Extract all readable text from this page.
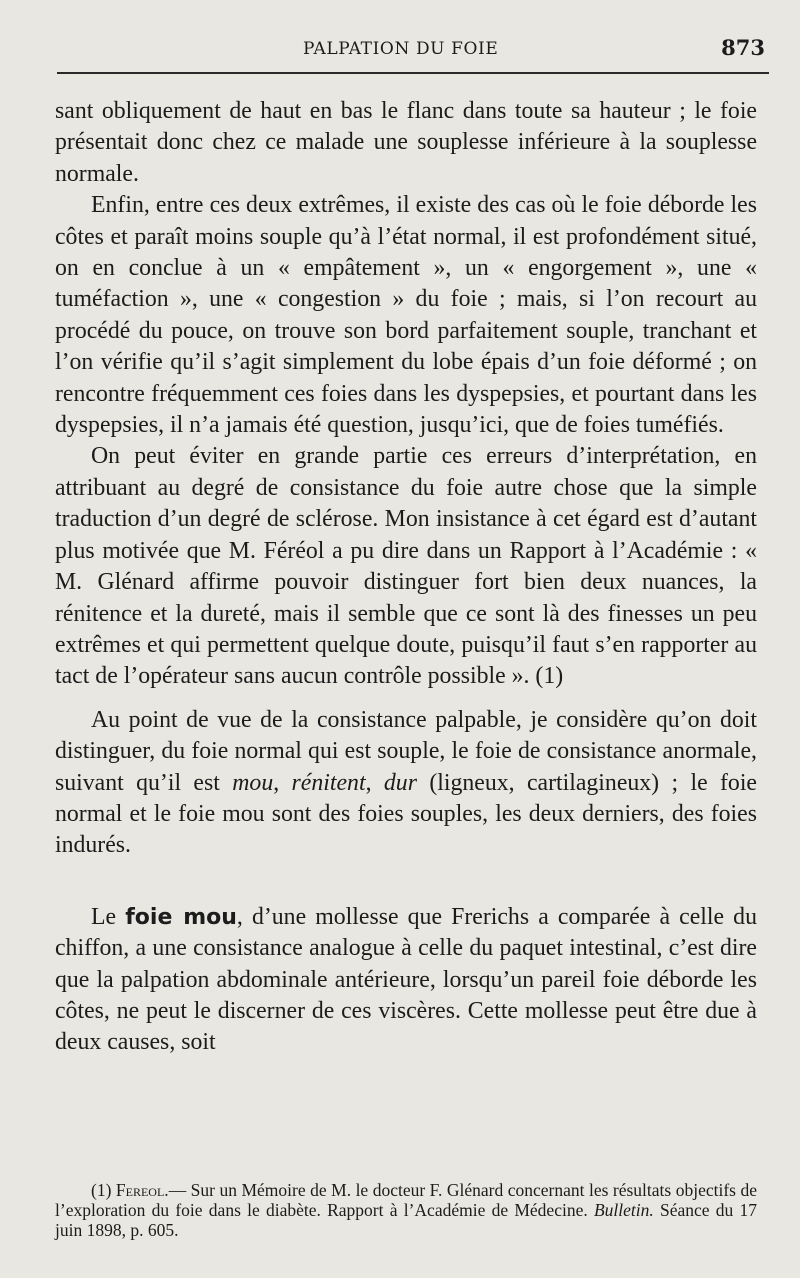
PALPATION DU FOIE	873

sant obliquement de haut en bas le flanc dans toute sa hauteur ; le foie présentait donc chez ce malade une souplesse inférieure à la souplesse normale.

Enfin, entre ces deux extrêmes, il existe des cas où le foie déborde les côtes et paraît moins souple qu’à l’état normal, il est profondément situé, on en conclue à un « empâtement », un « engorgement », une « tuméfaction », une « congestion » du foie ; mais, si l’on recourt au procédé du pouce, on trouve son bord parfaitement souple, tranchant et l’on vérifie qu’il s’agit simplement du lobe épais d’un foie déformé ; on rencontre fréquemment ces foies dans les dyspepsies, et pourtant dans les dyspepsies, il n’a jamais été question, jusqu’ici, que de foies tuméfiés.

On peut éviter en grande partie ces erreurs d’interprétation, en attribuant au degré de consistance du foie autre chose que la simple traduction d’un degré de sclérose. Mon insistance à cet égard est d’autant plus motivée que M. Féréol a pu dire dans un Rapport à l’Académie : « M. Glénard affirme pouvoir distinguer fort bien deux nuances, la rénitence et la dureté, mais il semble que ce sont là des finesses un peu extrêmes et qui permettent quelque doute, puisqu’il faut s’en rapporter au tact de l’opérateur sans aucun contrôle possible ». (1)

Au point de vue de la consistance palpable, je considère qu’on doit distinguer, du foie normal qui est souple, le foie de consistance anormale, suivant qu’il est mou, rénitent, dur (ligneux, cartilagineux) ; le foie normal et le foie mou sont des foies souples, les deux derniers, des foies indurés.

Le foie mou, d’une mollesse que Frerichs a comparée à celle du chiffon, a une consistance analogue à celle du paquet intestinal, c’est dire que la palpation abdominale antérieure, lorsqu’un pareil foie déborde les côtes, ne peut le discerner de ces viscères. Cette mollesse peut être due à deux causes, soit

(1) Fereol.— Sur un Mémoire de M. le docteur F. Glénard concernant les résultats objectifs de l’exploration du foie dans le diabète. Rapport à l’Académie de Médecine. Bulletin. Séance du 17 juin 1898, p. 605.
